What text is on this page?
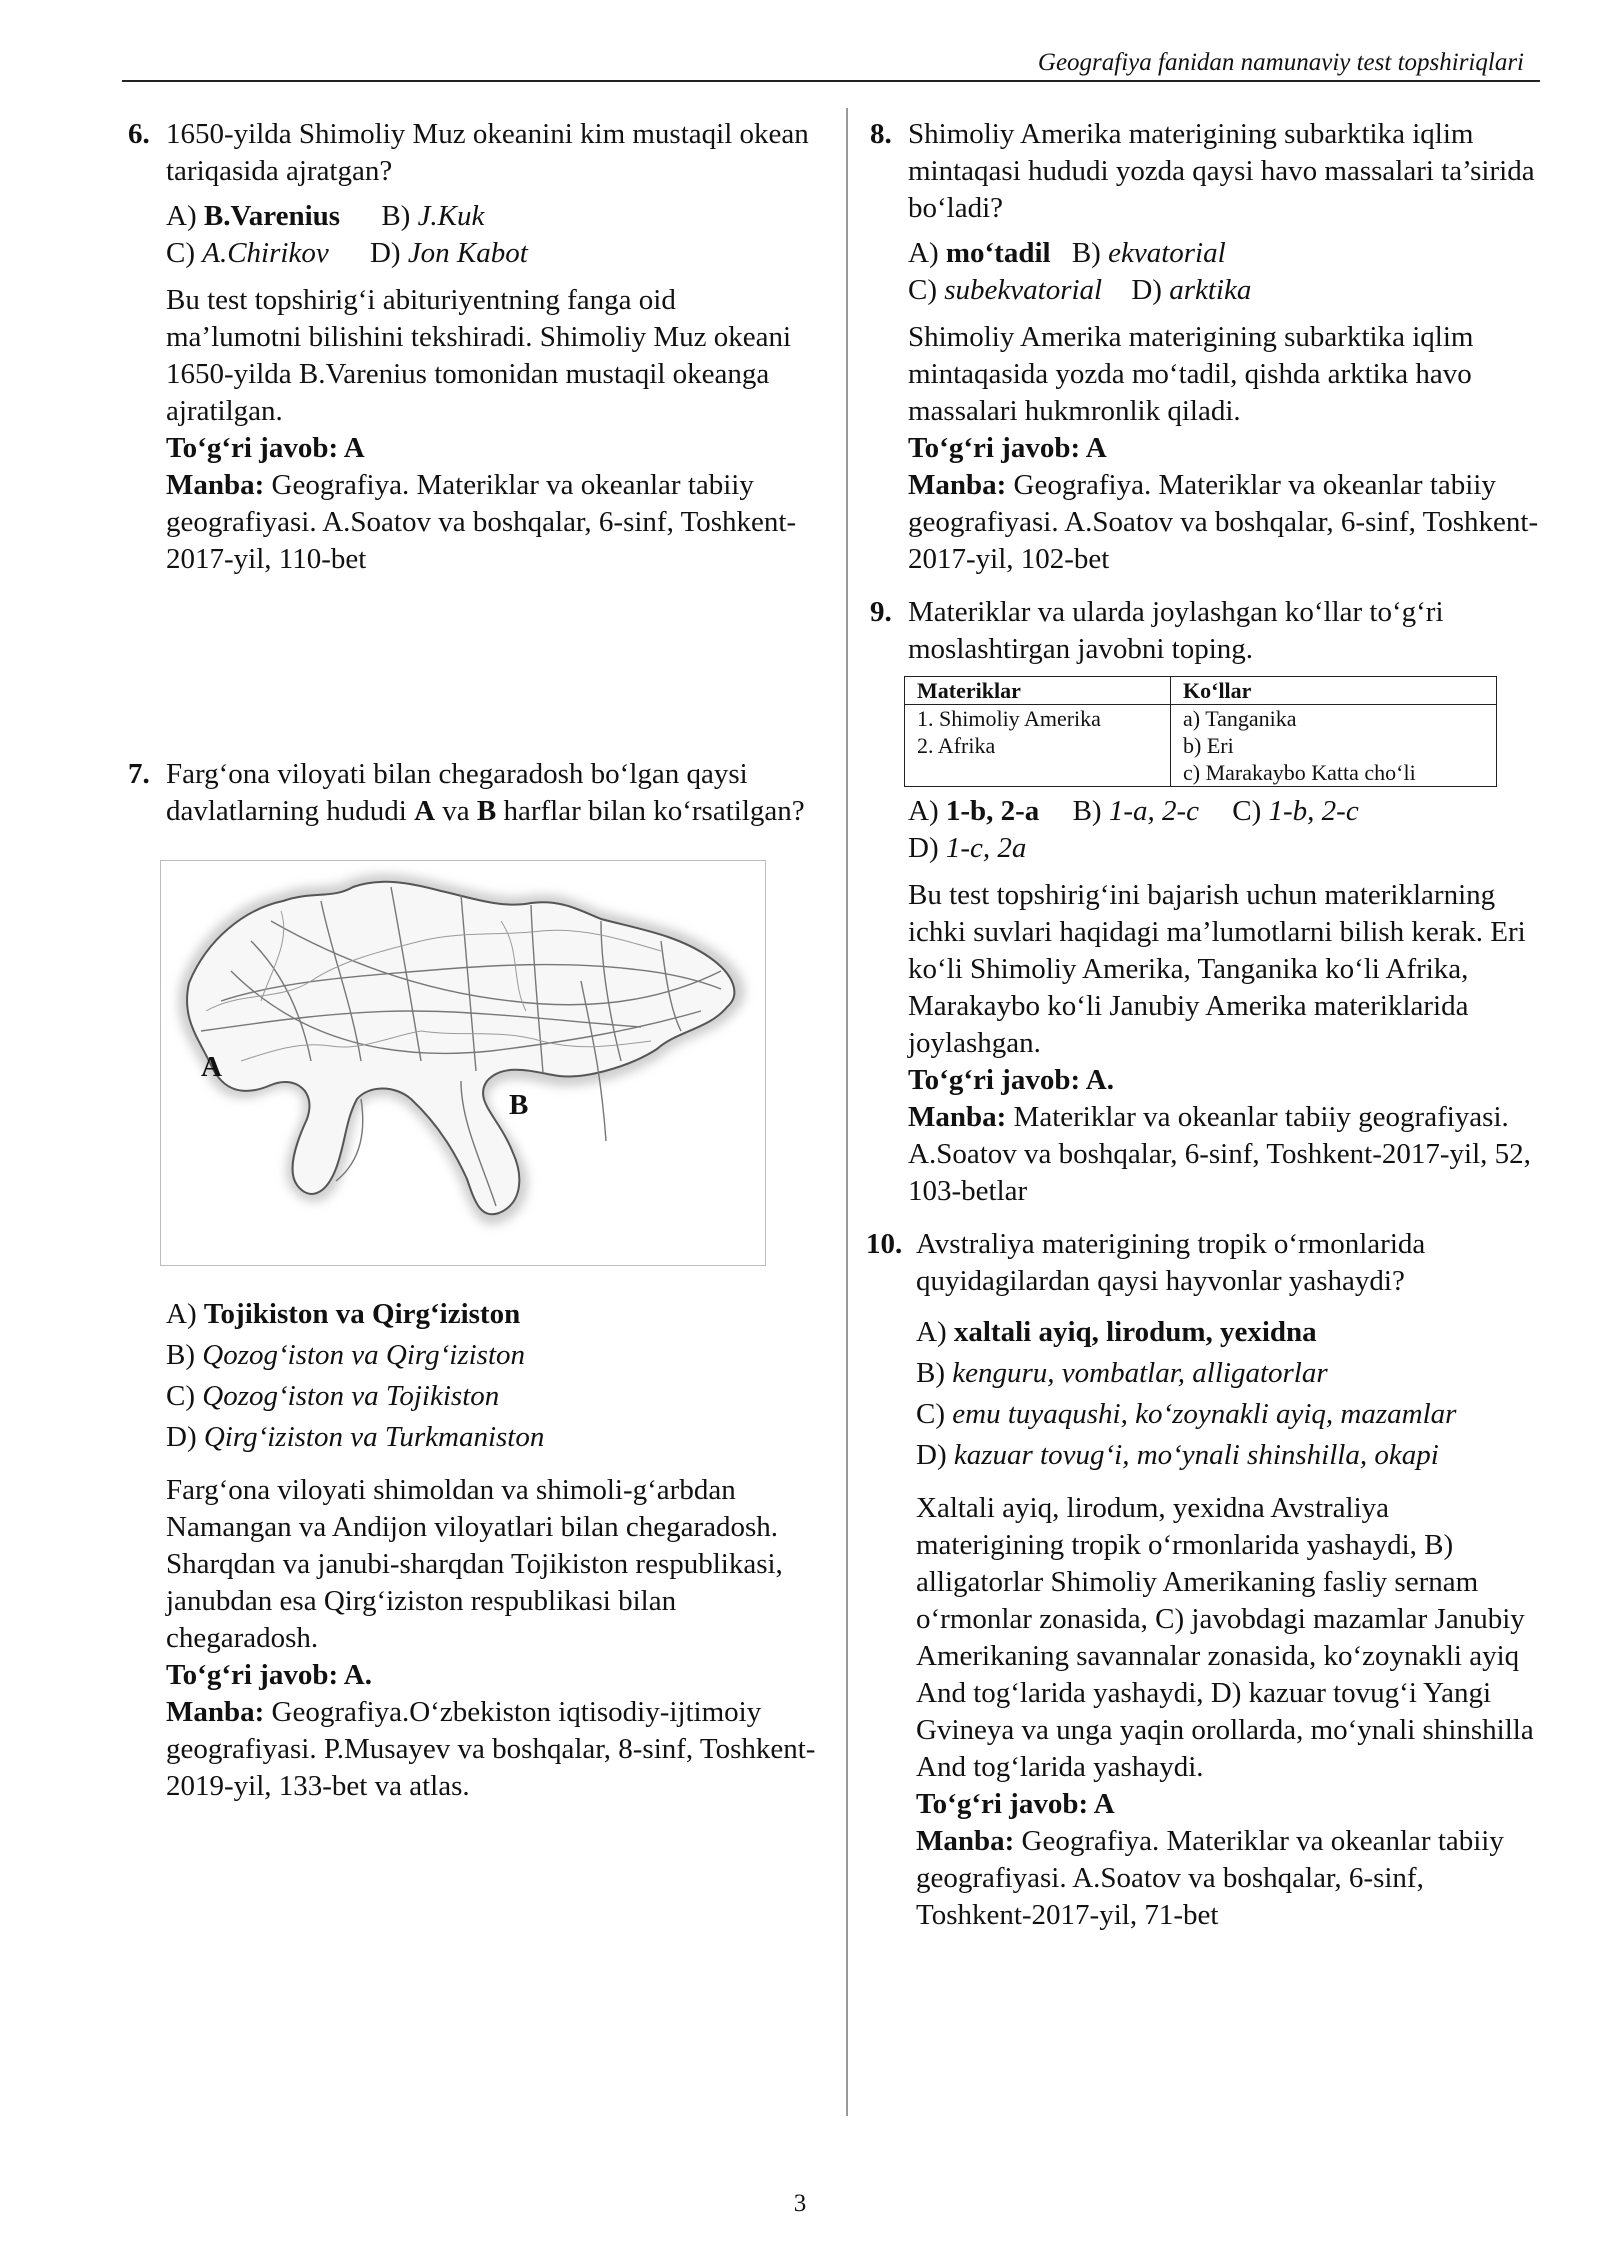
Geografiya fanidan namunaviy test topshiriqlari
6. 1650-yilda Shimoliy Muz okeanini kim mustaqil okean tariqasida ajratgan?
A) B.Varenius B) J.Kuk
C) A.Chirikov D) Jon Kabot
Bu test topshirig‘i abituriyentning fanga oid ma’lumotni bilishini tekshiradi. Shimoliy Muz okeani 1650-yilda B.Varenius tomonidan mustaqil okeanga ajratilgan.
To‘g‘ri javob: A
Manba: Geografiya. Materiklar va okeanlar tabiiy geografiyasi. A.Soatov va boshqalar, 6-sinf, Toshkent-2017-yil, 110-bet
7. Farg‘ona viloyati bilan chegaradosh bo‘lgan qaysi davlatlarning hududi A va B harflar bilan ko‘rsatilgan?
A
B
A) Tojikiston va Qirg‘iziston
B) Qozog‘iston va Qirg‘iziston
C) Qozog‘iston va Tojikiston
D) Qirg‘iziston va Turkmaniston
Farg‘ona viloyati shimoldan va shimoli-g‘arbdan Namangan va Andijon viloyatlari bilan chegaradosh. Sharqdan va janubi-sharqdan Tojikiston respublikasi, janubdan esa Qirg‘iziston respublikasi bilan chegaradosh.
To‘g‘ri javob: A.
Manba: Geografiya.O‘zbekiston iqtisodiy-ijtimoiy geografiyasi. P.Musayev va boshqalar, 8-sinf, Toshkent-2019-yil, 133-bet va atlas.
8. Shimoliy Amerika materigining subarktika iqlim mintaqasi hududi yozda qaysi havo massalari ta’sirida bo‘ladi?
A) mo‘tadil B) ekvatorial
C) subekvatorial D) arktika
Shimoliy Amerika materigining subarktika iqlim mintaqasida yozda mo‘tadil, qishda arktika havo massalari hukmronlik qiladi.
To‘g‘ri javob: A
Manba: Geografiya. Materiklar va okeanlar tabiiy geografiyasi. A.Soatov va boshqalar, 6-sinf, Toshkent-2017-yil, 102-bet
9. Materiklar va ularda joylashgan ko‘llar to‘g‘ri moslashtirgan javobni toping.
Materiklar	Ko‘llar
1. Shimoliy Amerika	a) Tanganika
2. Afrika	b) Eri
	c) Marakaybo Katta cho‘li
A) 1-b, 2-a B) 1-a, 2-c C) 1-b, 2-c
D) 1-c, 2a
Bu test topshirig‘ini bajarish uchun materiklarning ichki suvlari haqidagi ma’lumotlarni bilish kerak. Eri ko‘li Shimoliy Amerika, Tanganika ko‘li Afrika, Marakaybo ko‘li Janubiy Amerika materiklarida joylashgan.
To‘g‘ri javob: A.
Manba: Materiklar va okeanlar tabiiy geografiyasi. A.Soatov va boshqalar, 6-sinf, Toshkent-2017-yil, 52, 103-betlar
10. Avstraliya materigining tropik o‘rmonlarida quyidagilardan qaysi hayvonlar yashaydi?
A) xaltali ayiq, lirodum, yexidna
B) kenguru, vombatlar, alligatorlar
C) emu tuyaqushi, ko‘zoynakli ayiq, mazamlar
D) kazuar tovug‘i, mo‘ynali shinshilla, okapi
Xaltali ayiq, lirodum, yexidna Avstraliya materigining tropik o‘rmonlarida yashaydi, B) alligatorlar Shimoliy Amerikaning fasliy sernam o‘rmonlar zonasida, C) javobdagi mazamlar Janubiy Amerikaning savannalar zonasida, ko‘zoynakli ayiq And tog‘larida yashaydi, D) kazuar tovug‘i Yangi Gvineya va unga yaqin orollarda, mo‘ynali shinshilla And tog‘larida yashaydi.
To‘g‘ri javob: A
Manba: Geografiya. Materiklar va okeanlar tabiiy geografiyasi. A.Soatov va boshqalar, 6-sinf, Toshkent-2017-yil, 71-bet
3
